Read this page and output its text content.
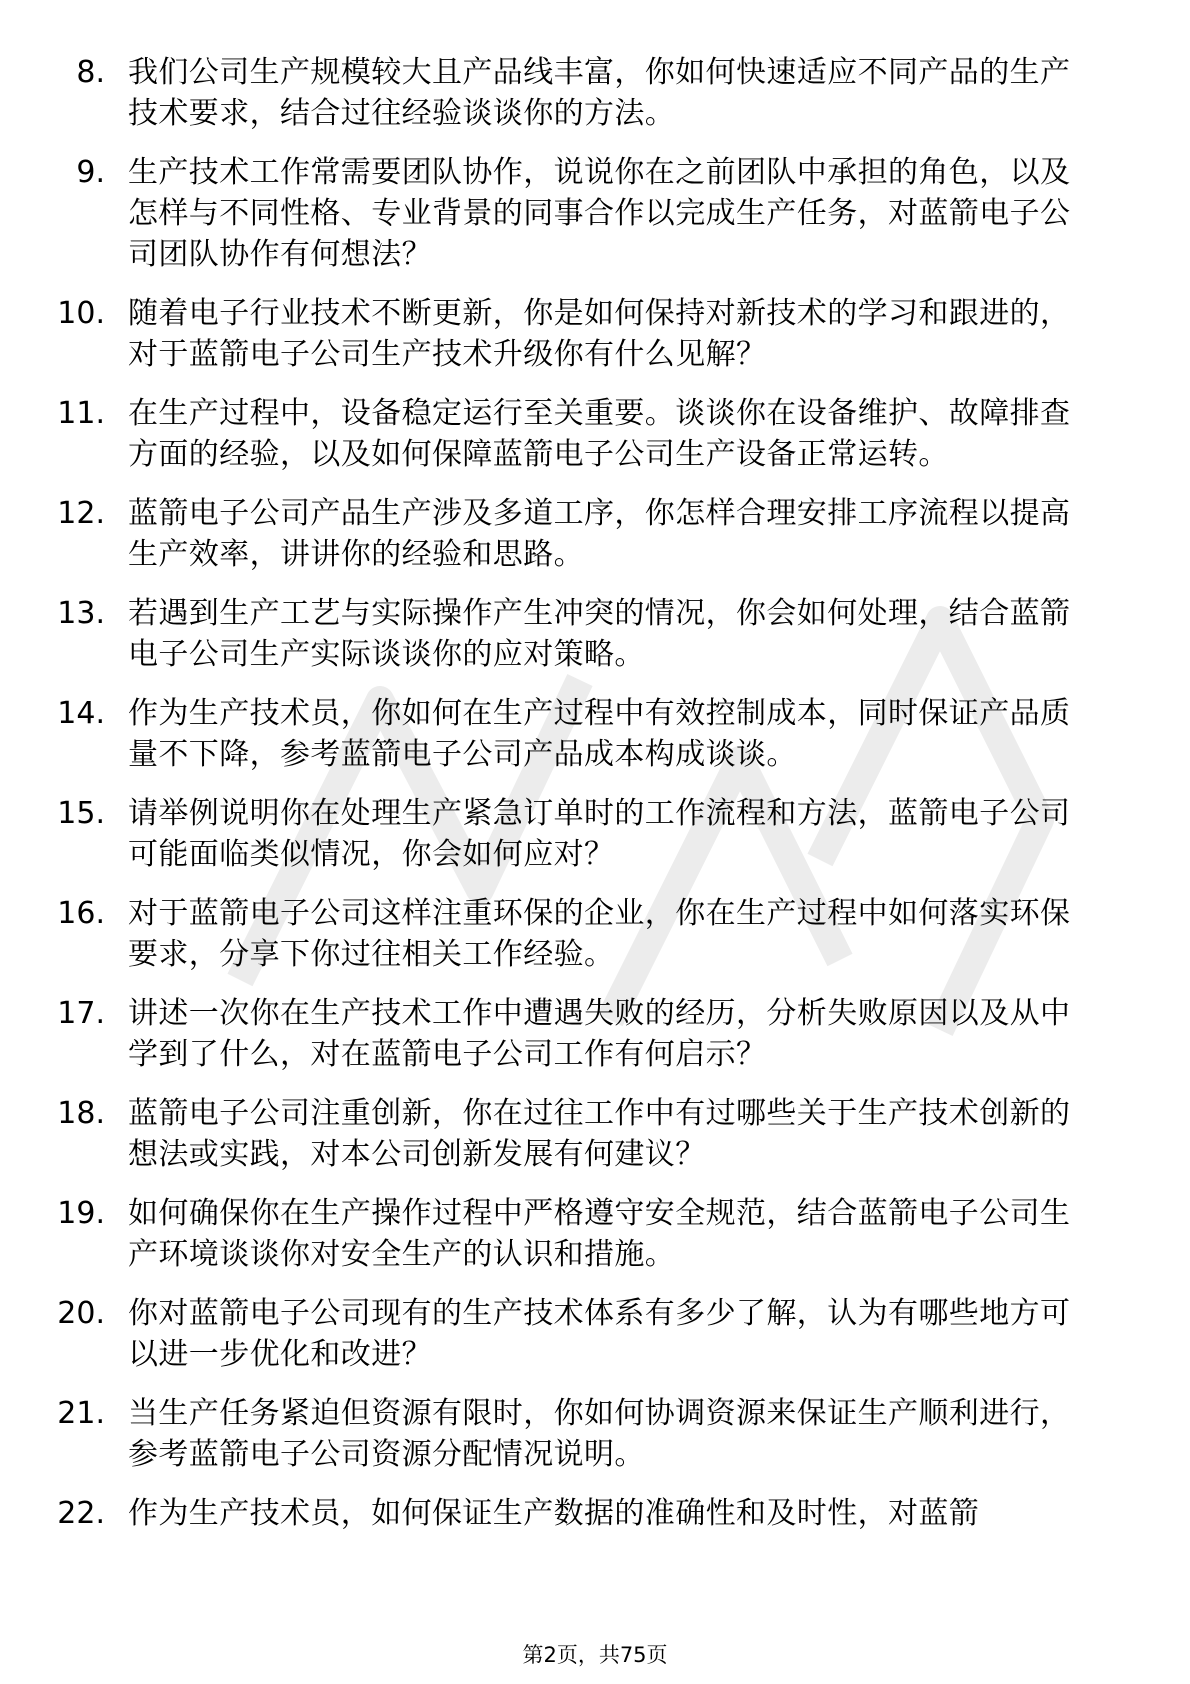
8. 我们公司生产规模较大且产品线丰富，你如何快速适应不同产品的生产技术要求，结合过往经验谈谈你的方法。
9. 生产技术工作常需要团队协作，说说你在之前团队中承担的角色，以及怎样与不同性格、专业背景的同事合作以完成生产任务，对蓝箭电子公司团队协作有何想法？
10. 随着电子行业技术不断更新，你是如何保持对新技术的学习和跟进的，对于蓝箭电子公司生产技术升级你有什么见解？
11. 在生产过程中，设备稳定运行至关重要。谈谈你在设备维护、故障排查方面的经验，以及如何保障蓝箭电子公司生产设备正常运转。
12. 蓝箭电子公司产品生产涉及多道工序，你怎样合理安排工序流程以提高生产效率，讲讲你的经验和思路。
13. 若遇到生产工艺与实际操作产生冲突的情况，你会如何处理，结合蓝箭电子公司生产实际谈谈你的应对策略。
14. 作为生产技术员，你如何在生产过程中有效控制成本，同时保证产品质量不下降，参考蓝箭电子公司产品成本构成谈谈。
15. 请举例说明你在处理生产紧急订单时的工作流程和方法，蓝箭电子公司可能面临类似情况，你会如何应对？
16. 对于蓝箭电子公司这样注重环保的企业，你在生产过程中如何落实环保要求，分享下你过往相关工作经验。
17. 讲述一次你在生产技术工作中遭遇失败的经历，分析失败原因以及从中学到了什么，对在蓝箭电子公司工作有何启示？
18. 蓝箭电子公司注重创新，你在过往工作中有过哪些关于生产技术创新的想法或实践，对本公司创新发展有何建议？
19. 如何确保你在生产操作过程中严格遵守安全规范，结合蓝箭电子公司生产环境谈谈你对安全生产的认识和措施。
20. 你对蓝箭电子公司现有的生产技术体系有多少了解，认为有哪些地方可以进一步优化和改进？
21. 当生产任务紧迫但资源有限时，你如何协调资源来保证生产顺利进行，参考蓝箭电子公司资源分配情况说明。
22. 作为生产技术员，如何保证生产数据的准确性和及时性，对蓝箭
第2页，共75页
